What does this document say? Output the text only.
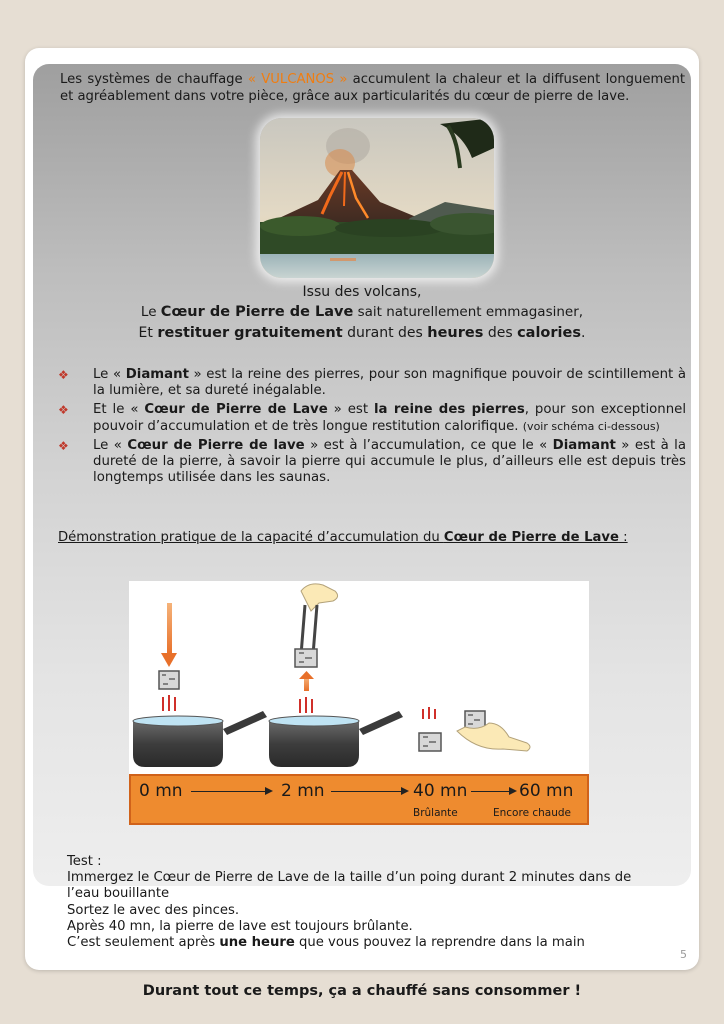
Les systèmes de chauffage « VULCANOS » accumulent la chaleur et la diffusent longuement et agréablement dans votre pièce, grâce aux particularités du cœur de pierre de lave.
Issu des volcans,
Le Cœur de Pierre de Lave sait naturellement emmagasiner,
Et restituer gratuitement durant des heures des calories.
❖ Le « Diamant » est la reine des pierres, pour son magnifique pouvoir de scintillement à la lumière, et sa dureté inégalable.
❖ Et le « Cœur de Pierre de Lave » est la reine des pierres, pour son exceptionnel pouvoir d’accumulation et de très longue restitution calorifique. (voir schéma ci-dessous)
❖ Le « Cœur de Pierre de lave » est à l’accumulation, ce que le « Diamant » est à la dureté de la pierre, à savoir la pierre qui accumule le plus, d’ailleurs elle est depuis très longtemps utilisée dans les saunas.
Démonstration pratique de la capacité d’accumulation du Cœur de Pierre de Lave :
0 mn	2 mn	40 mn
Brûlante
60 mn
Encore chaude
Test :
Immergez le Cœur de Pierre de Lave de la taille d’un poing durant 2 minutes dans de l’eau bouillante
Sortez le avec des pinces.
Après 40 mn, la pierre de lave est toujours brûlante.
C’est seulement après une heure que vous pouvez la reprendre dans la main
5
Durant tout ce temps, ça a chauffé sans consommer !
